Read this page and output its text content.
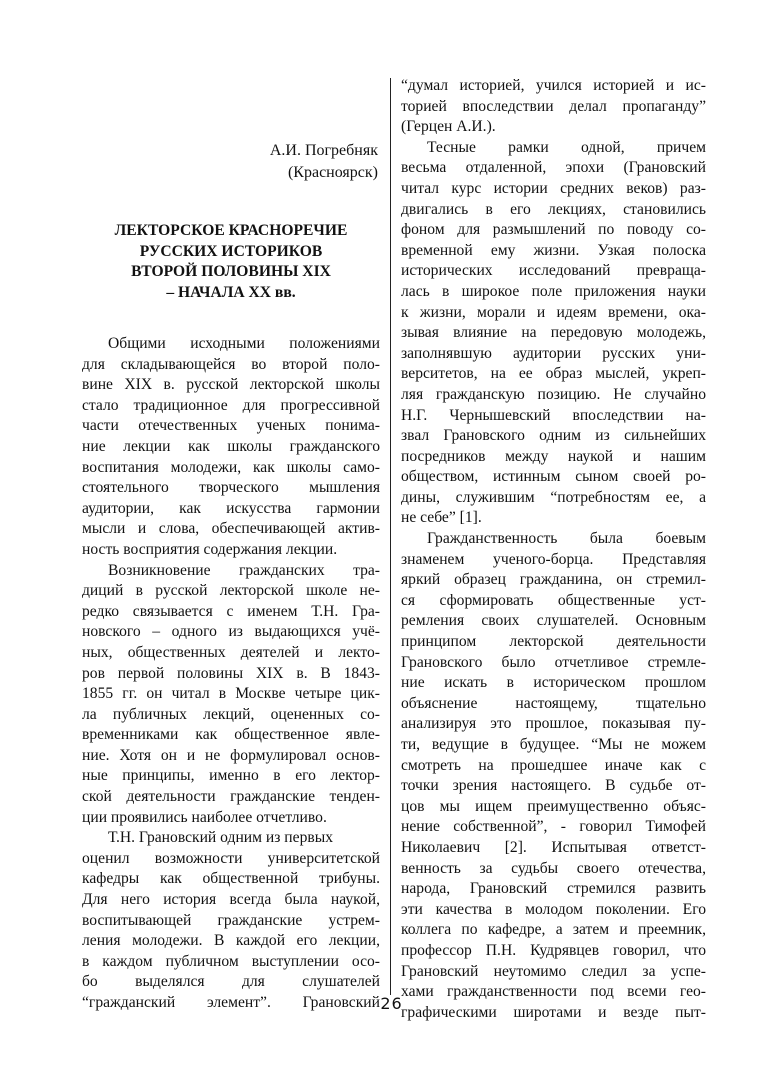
А.И. Погребняк
(Красноярск)
ЛЕКТОРСКОЕ КРАСНОРЕЧИЕ
РУССКИХ ИСТОРИКОВ
ВТОРОЙ ПОЛОВИНЫ XIX
– НАЧАЛА XX вв.
Общими исходными положениями
для складывающейся во второй поло-
вине XIX в. русской лекторской школы
стало традиционное для прогрессивной
части отечественных ученых понима-
ние лекции как школы гражданского
воспитания молодежи, как школы само-
стоятельного творческого мышления
аудитории, как искусства гармонии
мысли и слова, обеспечивающей актив-
ность восприятия содержания лекции.
Возникновение гражданских тра-
диций в русской лекторской школе не-
редко связывается с именем Т.Н. Гра-
новского – одного из выдающихся учё-
ных, общественных деятелей и лекто-
ров первой половины XIX в. В 1843-
1855 гг. он читал в Москве четыре цик-
ла публичных лекций, оцененных со-
временниками как общественное явле-
ние. Хотя он и не формулировал основ-
ные принципы, именно в его лектор-
ской деятельности гражданские тенден-
ции проявились наиболее отчетливо.
Т.Н. Грановский одним из первых
оценил возможности университетской
кафедры как общественной трибуны.
Для него история всегда была наукой,
воспитывающей гражданские устрем-
ления молодежи. В каждой его лекции,
в каждом публичном выступлении осо-
бо выделялся для слушателей
“гражданский элемент”. Грановский
“думал историей, учился историей и ис-
торией впоследствии делал пропаганду”
(Герцен А.И.).
Тесные рамки одной, причем
весьма отдаленной, эпохи (Грановский
читал курс истории средних веков) раз-
двигались в его лекциях, становились
фоном для размышлений по поводу со-
временной ему жизни. Узкая полоска
исторических исследований превраща-
лась в широкое поле приложения науки
к жизни, морали и идеям времени, ока-
зывая влияние на передовую молодежь,
заполнявшую аудитории русских уни-
верситетов, на ее образ мыслей, укреп-
ляя гражданскую позицию. Не случайно
Н.Г. Чернышевский впоследствии на-
звал Грановского одним из сильнейших
посредников между наукой и нашим
обществом, истинным сыном своей ро-
дины, служившим “потребностям ее, а
не себе” [1].
Гражданственность была боевым
знаменем ученого-борца. Представляя
яркий образец гражданина, он стремил-
ся сформировать общественные уст-
ремления своих слушателей. Основным
принципом лекторской деятельности
Грановского было отчетливое стремле-
ние искать в историческом прошлом
объяснение настоящему, тщательно
анализируя это прошлое, показывая пу-
ти, ведущие в будущее. “Мы не можем
смотреть на прошедшее иначе как с
точки зрения настоящего. В судьбе от-
цов мы ищем преимущественно объяс-
нение собственной”, - говорил Тимофей
Николаевич [2]. Испытывая ответст-
венность за судьбы своего отечества,
народа, Грановский стремился развить
эти качества в молодом поколении. Его
коллега по кафедре, а затем и преемник,
профессор П.Н. Кудрявцев говорил, что
Грановский неутомимо следил за успе-
хами гражданственности под всеми гео-
графическими широтами и везде пыт-
26
